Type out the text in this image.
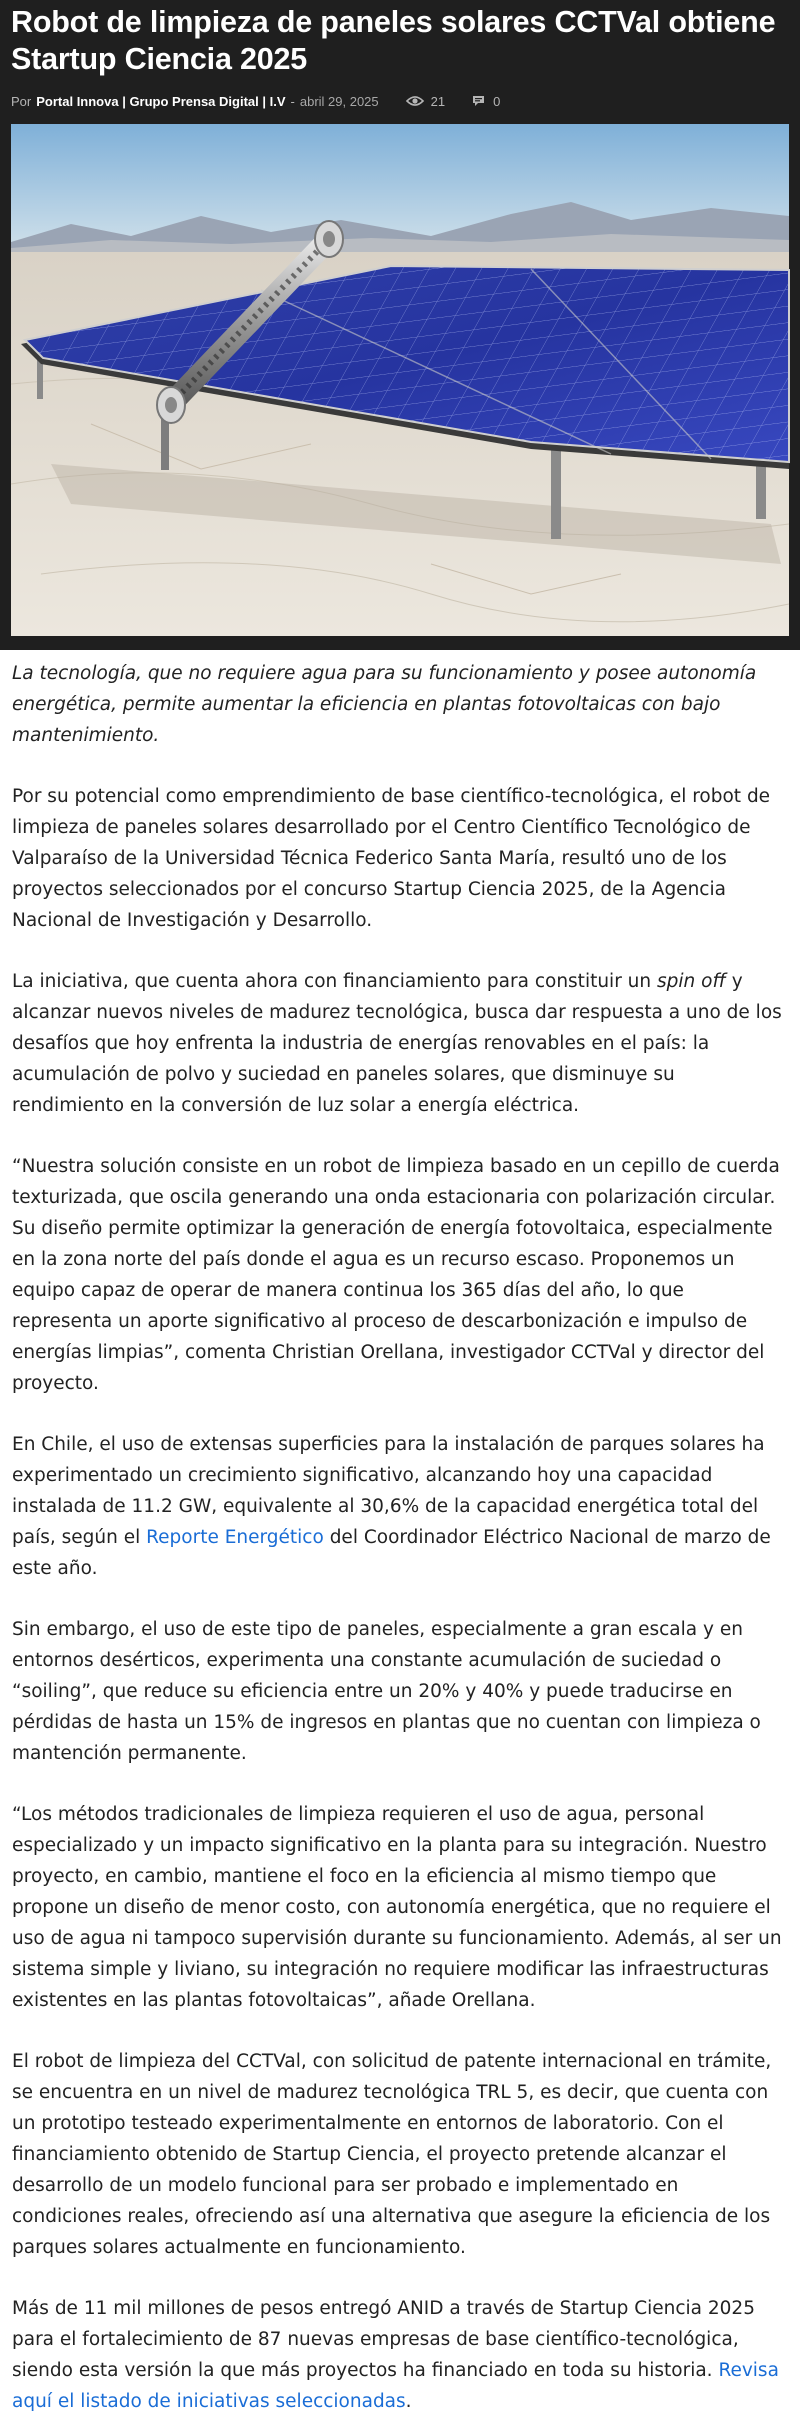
Robot de limpieza de paneles solares CCTVal obtiene Startup Ciencia 2025
Por Portal Innova | Grupo Prensa Digital | I.V - abril 29, 2025	21	0

La tecnología, que no requiere agua para su funcionamiento y posee autonomía energética, permite aumentar la eficiencia en plantas fotovoltaicas con bajo mantenimiento.

Por su potencial como emprendimiento de base científico-tecnológica, el robot de limpieza de paneles solares desarrollado por el Centro Científico Tecnológico de Valparaíso de la Universidad Técnica Federico Santa María, resultó uno de los proyectos seleccionados por el concurso Startup Ciencia 2025, de la Agencia Nacional de Investigación y Desarrollo.

La iniciativa, que cuenta ahora con financiamiento para constituir un spin off y alcanzar nuevos niveles de madurez tecnológica, busca dar respuesta a uno de los desafíos que hoy enfrenta la industria de energías renovables en el país: la acumulación de polvo y suciedad en paneles solares, que disminuye su rendimiento en la conversión de luz solar a energía eléctrica.

“Nuestra solución consiste en un robot de limpieza basado en un cepillo de cuerda texturizada, que oscila generando una onda estacionaria con polarización circular. Su diseño permite optimizar la generación de energía fotovoltaica, especialmente en la zona norte del país donde el agua es un recurso escaso. Proponemos un equipo capaz de operar de manera continua los 365 días del año, lo que representa un aporte significativo al proceso de descarbonización e impulso de energías limpias”, comenta Christian Orellana, investigador CCTVal y director del proyecto.

En Chile, el uso de extensas superficies para la instalación de parques solares ha experimentado un crecimiento significativo, alcanzando hoy una capacidad instalada de 11.2 GW, equivalente al 30,6% de la capacidad energética total del país, según el Reporte Energético del Coordinador Eléctrico Nacional de marzo de este año.

Sin embargo, el uso de este tipo de paneles, especialmente a gran escala y en entornos desérticos, experimenta una constante acumulación de suciedad o “soiling”, que reduce su eficiencia entre un 20% y 40% y puede traducirse en pérdidas de hasta un 15% de ingresos en plantas que no cuentan con limpieza o mantención permanente.

“Los métodos tradicionales de limpieza requieren el uso de agua, personal especializado y un impacto significativo en la planta para su integración. Nuestro proyecto, en cambio, mantiene el foco en la eficiencia al mismo tiempo que propone un diseño de menor costo, con autonomía energética, que no requiere el uso de agua ni tampoco supervisión durante su funcionamiento. Además, al ser un sistema simple y liviano, su integración no requiere modificar las infraestructuras existentes en las plantas fotovoltaicas”, añade Orellana.

El robot de limpieza del CCTVal, con solicitud de patente internacional en trámite, se encuentra en un nivel de madurez tecnológica TRL 5, es decir, que cuenta con un prototipo testeado experimentalmente en entornos de laboratorio. Con el financiamiento obtenido de Startup Ciencia, el proyecto pretende alcanzar el desarrollo de un modelo funcional para ser probado e implementado en condiciones reales, ofreciendo así una alternativa que asegure la eficiencia de los parques solares actualmente en funcionamiento.

Más de 11 mil millones de pesos entregó ANID a través de Startup Ciencia 2025 para el fortalecimiento de 87 nuevas empresas de base científico-tecnológica, siendo esta versión la que más proyectos ha financiado en toda su historia. Revisa aquí el listado de iniciativas seleccionadas.
